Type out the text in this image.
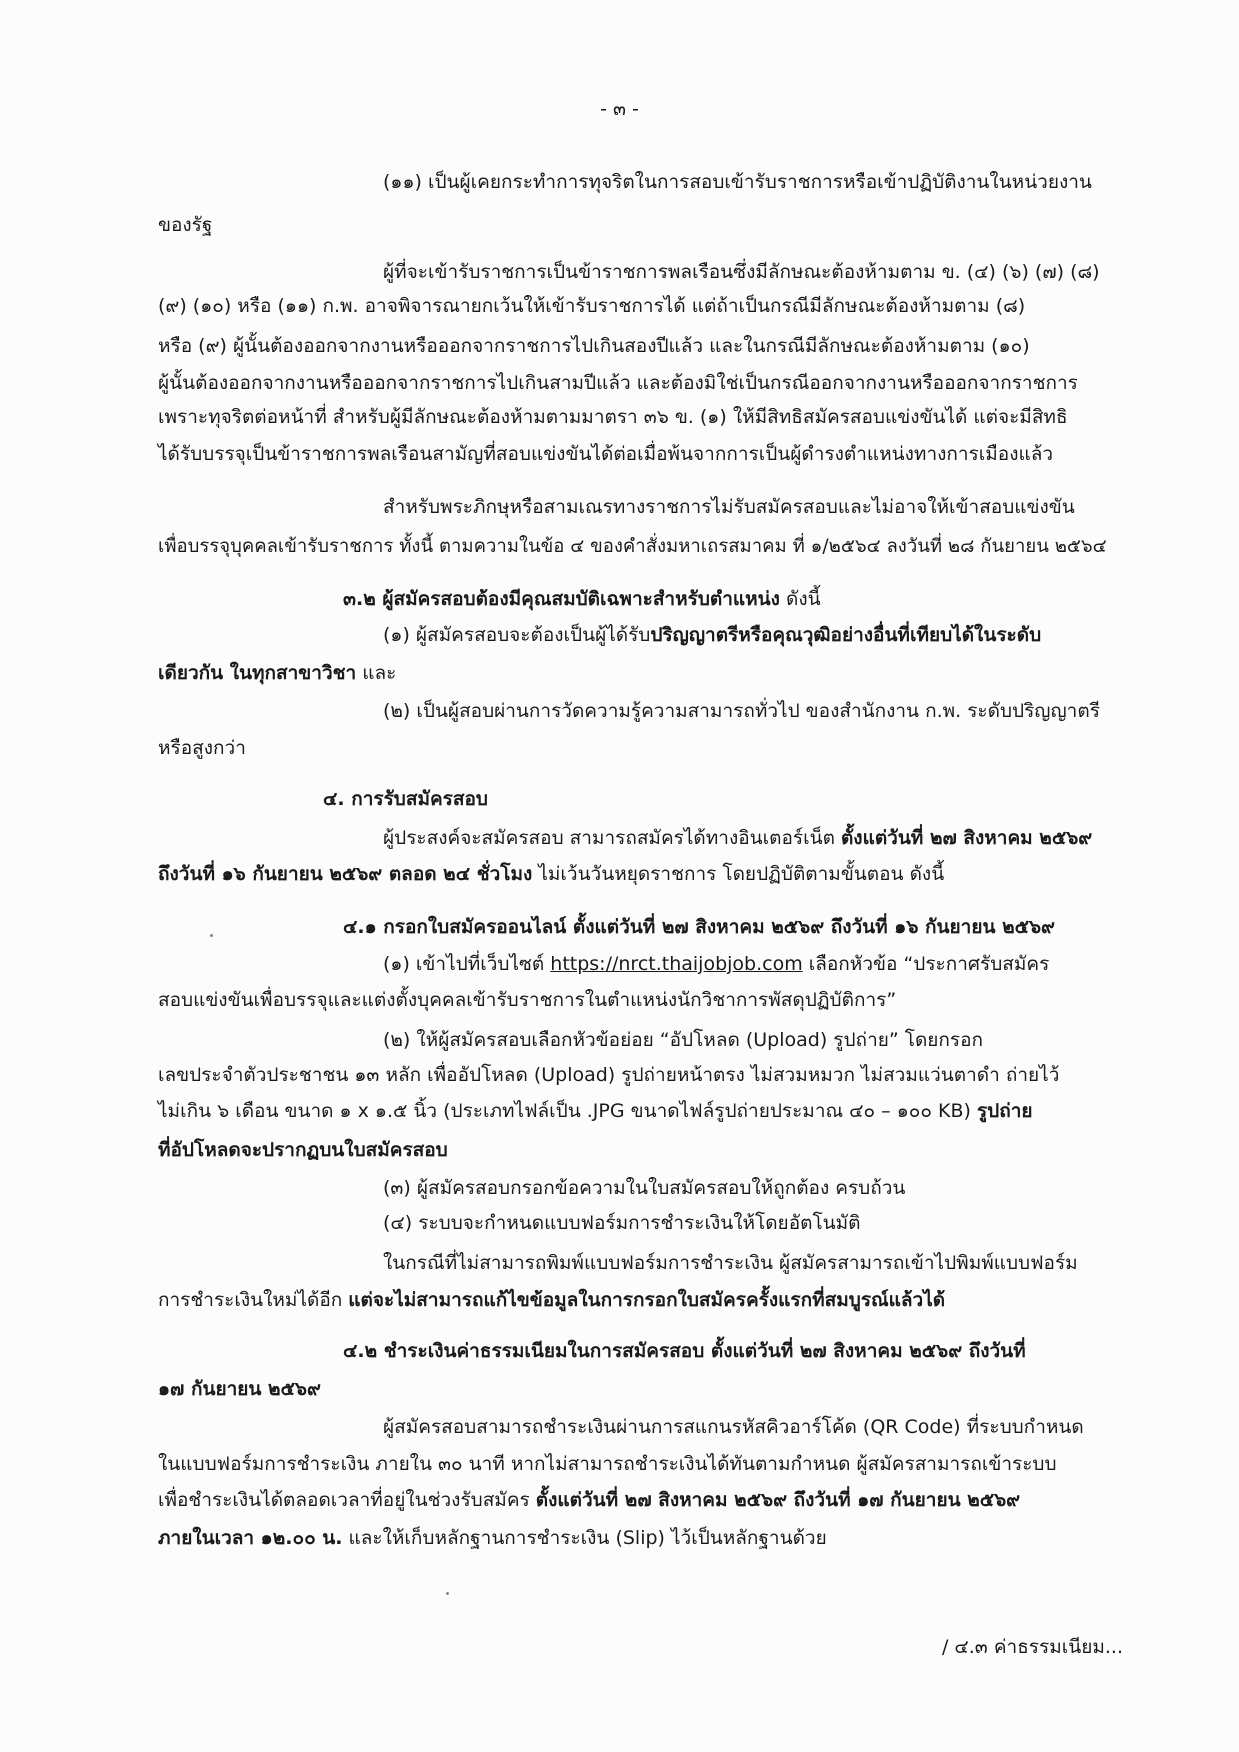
- ๓ -

(๑๑) เป็นผู้เคยกระทำการทุจริตในการสอบเข้ารับราชการหรือเข้าปฏิบัติงานในหน่วยงาน

ของรัฐ

ผู้ที่จะเข้ารับราชการเป็นข้าราชการพลเรือนซึ่งมีลักษณะต้องห้ามตาม ข. (๔) (๖) (๗) (๘)

(๙) (๑๐) หรือ (๑๑) ก.พ. อาจพิจารณายกเว้นให้เข้ารับราชการได้ แต่ถ้าเป็นกรณีมีลักษณะต้องห้ามตาม (๘)

หรือ (๙) ผู้นั้นต้องออกจากงานหรือออกจากราชการไปเกินสองปีแล้ว และในกรณีมีลักษณะต้องห้ามตาม (๑๐)

ผู้นั้นต้องออกจากงานหรือออกจากราชการไปเกินสามปีแล้ว และต้องมิใช่เป็นกรณีออกจากงานหรือออกจากราชการ

เพราะทุจริตต่อหน้าที่ สำหรับผู้มีลักษณะต้องห้ามตามมาตรา ๓๖ ข. (๑) ให้มีสิทธิสมัครสอบแข่งขันได้ แต่จะมีสิทธิ

ได้รับบรรจุเป็นข้าราชการพลเรือนสามัญที่สอบแข่งขันได้ต่อเมื่อพ้นจากการเป็นผู้ดำรงตำแหน่งทางการเมืองแล้ว

สำหรับพระภิกษุหรือสามเณรทางราชการไม่รับสมัครสอบและไม่อาจให้เข้าสอบแข่งขัน

เพื่อบรรจุบุคคลเข้ารับราชการ ทั้งนี้ ตามความในข้อ ๔ ของคำสั่งมหาเถรสมาคม ที่ ๑/๒๕๖๔ ลงวันที่ ๒๘ กันยายน ๒๕๖๔

๓.๒ ผู้สมัครสอบต้องมีคุณสมบัติเฉพาะสำหรับตำแหน่ง ดังนี้

(๑) ผู้สมัครสอบจะต้องเป็นผู้ได้รับปริญญาตรีหรือคุณวุฒิอย่างอื่นที่เทียบได้ในระดับ

เดียวกัน ในทุกสาขาวิชา และ

(๒) เป็นผู้สอบผ่านการวัดความรู้ความสามารถทั่วไป ของสำนักงาน ก.พ. ระดับปริญญาตรี

หรือสูงกว่า

๔. การรับสมัครสอบ

ผู้ประสงค์จะสมัครสอบ สามารถสมัครได้ทางอินเตอร์เน็ต ตั้งแต่วันที่ ๒๗ สิงหาคม ๒๕๖๙

ถึงวันที่ ๑๖ กันยายน ๒๕๖๙ ตลอด ๒๔ ชั่วโมง ไม่เว้นวันหยุดราชการ โดยปฏิบัติตามขั้นตอน ดังนี้

๔.๑ กรอกใบสมัครออนไลน์ ตั้งแต่วันที่ ๒๗ สิงหาคม ๒๕๖๙ ถึงวันที่ ๑๖ กันยายน ๒๕๖๙

(๑) เข้าไปที่เว็บไซต์ https://nrct.thaijobjob.com เลือกหัวข้อ “ประกาศรับสมัคร

สอบแข่งขันเพื่อบรรจุและแต่งตั้งบุคคลเข้ารับราชการในตำแหน่งนักวิชาการพัสดุปฏิบัติการ”

(๒) ให้ผู้สมัครสอบเลือกหัวข้อย่อย “อัปโหลด (Upload) รูปถ่าย” โดยกรอก

เลขประจำตัวประชาชน ๑๓ หลัก เพื่ออัปโหลด (Upload) รูปถ่ายหน้าตรง ไม่สวมหมวก ไม่สวมแว่นตาดำ ถ่ายไว้

ไม่เกิน ๖ เดือน ขนาด ๑ x ๑.๕ นิ้ว (ประเภทไฟล์เป็น .JPG ขนาดไฟล์รูปถ่ายประมาณ ๔๐ – ๑๐๐ KB) รูปถ่าย

ที่อัปโหลดจะปรากฏบนใบสมัครสอบ

(๓) ผู้สมัครสอบกรอกข้อความในใบสมัครสอบให้ถูกต้อง ครบถ้วน

(๔) ระบบจะกำหนดแบบฟอร์มการชำระเงินให้โดยอัตโนมัติ

ในกรณีที่ไม่สามารถพิมพ์แบบฟอร์มการชำระเงิน ผู้สมัครสามารถเข้าไปพิมพ์แบบฟอร์ม

การชำระเงินใหม่ได้อีก แต่จะไม่สามารถแก้ไขข้อมูลในการกรอกใบสมัครครั้งแรกที่สมบูรณ์แล้วได้

๔.๒ ชำระเงินค่าธรรมเนียมในการสมัครสอบ ตั้งแต่วันที่ ๒๗ สิงหาคม ๒๕๖๙ ถึงวันที่

๑๗ กันยายน ๒๕๖๙

ผู้สมัครสอบสามารถชำระเงินผ่านการสแกนรหัสคิวอาร์โค้ด (QR Code) ที่ระบบกำหนด

ในแบบฟอร์มการชำระเงิน ภายใน ๓๐ นาที หากไม่สามารถชำระเงินได้ทันตามกำหนด ผู้สมัครสามารถเข้าระบบ

เพื่อชำระเงินได้ตลอดเวลาที่อยู่ในช่วงรับสมัคร ตั้งแต่วันที่ ๒๗ สิงหาคม ๒๕๖๙ ถึงวันที่ ๑๗ กันยายน ๒๕๖๙

ภายในเวลา ๑๒.๐๐ น. และให้เก็บหลักฐานการชำระเงิน (Slip) ไว้เป็นหลักฐานด้วย

/ ๔.๓ ค่าธรรมเนียม...
